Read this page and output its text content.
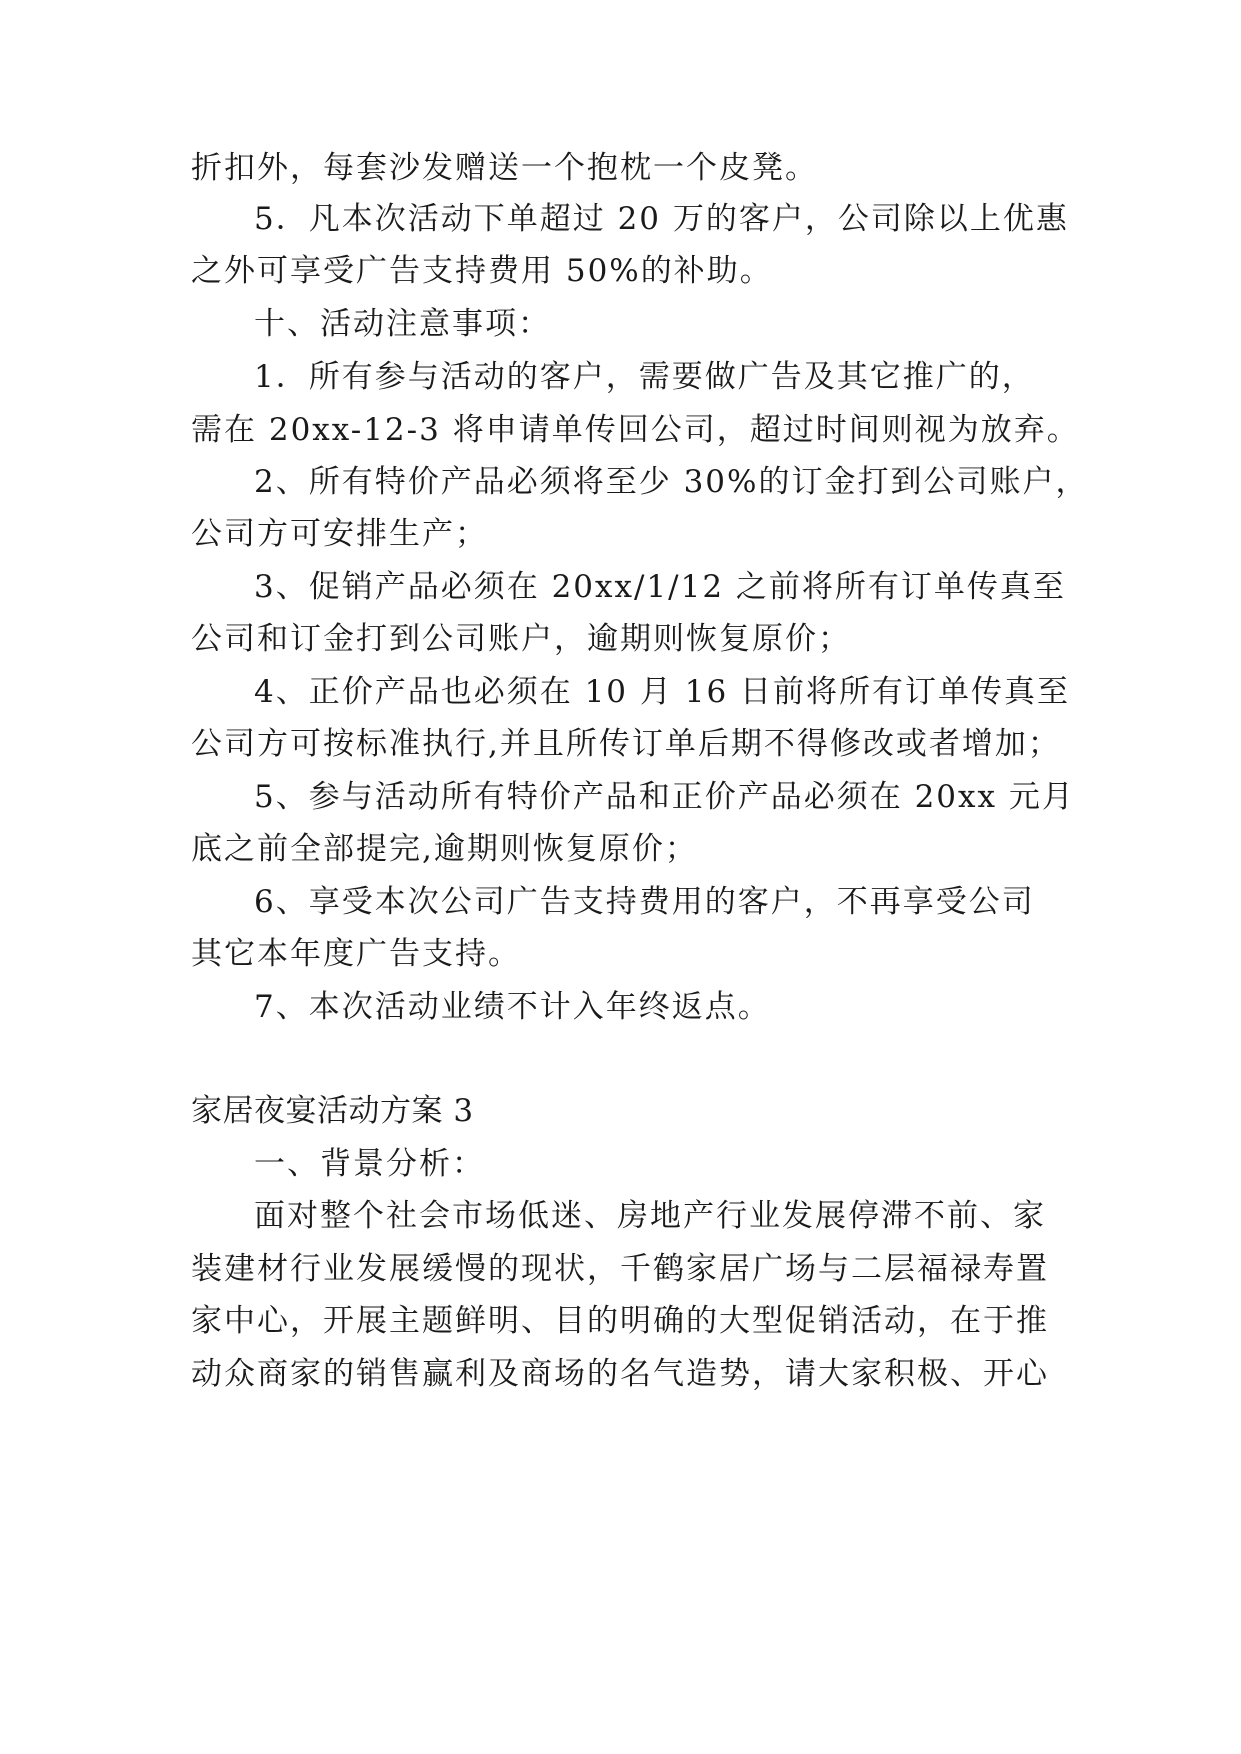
折扣外，每套沙发赠送一个抱枕一个皮凳。
5．凡本次活动下单超过 20 万的客户，公司除以上优惠
之外可享受广告支持费用 50%的补助。
十、活动注意事项：
1．所有参与活动的客户，需要做广告及其它推广的，
需在 20xx-12-3 将申请单传回公司，超过时间则视为放弃。
2、所有特价产品必须将至少 30%的订金打到公司账户，
公司方可安排生产；
3、促销产品必须在 20xx/1/12 之前将所有订单传真至
公司和订金打到公司账户，逾期则恢复原价；
4、正价产品也必须在 10 月 16 日前将所有订单传真至
公司方可按标准执行,并且所传订单后期不得修改或者增加；
5、参与活动所有特价产品和正价产品必须在 20xx 元月
底之前全部提完,逾期则恢复原价；
6、享受本次公司广告支持费用的客户，不再享受公司
其它本年度广告支持。
7、本次活动业绩不计入年终返点。
家居夜宴活动方案 3
一、背景分析：
面对整个社会市场低迷、房地产行业发展停滞不前、家
装建材行业发展缓慢的现状，千鹤家居广场与二层福禄寿置
家中心，开展主题鲜明、目的明确的大型促销活动，在于推
动众商家的销售赢利及商场的名气造势，请大家积极、开心
